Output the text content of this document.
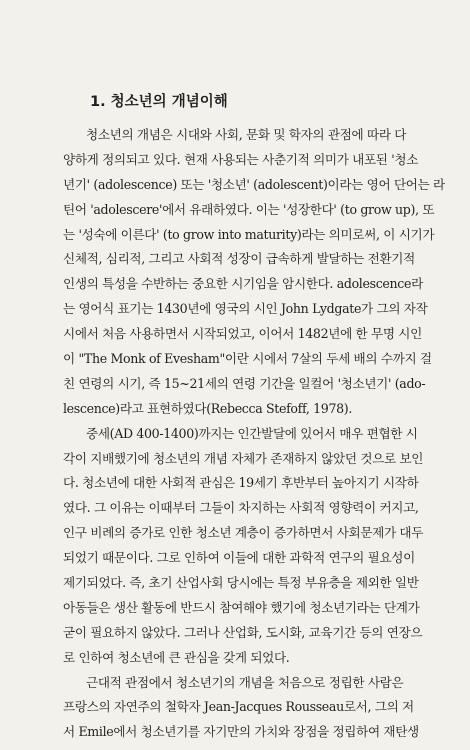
1. 청소년의 개념이해
청소년의 개념은 시대와 사회, 문화 및 학자의 관점에 따라 다
양하게 정의되고 있다. 현재 사용되는 사춘기적 의미가 내포된 '청소
년기' (adolescence) 또는 '청소년' (adolescent)이라는 영어 단어는 라
틴어 'adolescere'에서 유래하였다. 이는 '성장한다' (to grow up), 또
는 '성숙에 이른다' (to grow into maturity)라는 의미로써, 이 시기가
신체적, 심리적, 그리고 사회적 성장이 급속하게 발달하는 전환기적
인생의 특성을 수반하는 중요한 시기임을 암시한다. adolescence라
는 영어식 표기는 1430년에 영국의 시인 John Lydgate가 그의 자작
시에서 처음 사용하면서 시작되었고, 이어서 1482년에 한 무명 시인
이 "The Monk of Evesham"이란 시에서 7살의 두세 배의 수까지 걸
친 연령의 시기, 즉 15~21세의 연령 기간을 일컬어 '청소년기' (ado-
lescence)라고 표현하였다(Rebecca Stefoff, 1978).
중세(AD 400-1400)까지는 인간발달에 있어서 매우 편협한 시
각이 지배했기에 청소년의 개념 자체가 존재하지 않았던 것으로 보인
다. 청소년에 대한 사회적 관심은 19세기 후반부터 높아지기 시작하
였다. 그 이유는 이때부터 그들이 차지하는 사회적 영향력이 커지고,
인구 비례의 증가로 인한 청소년 계층이 증가하면서 사회문제가 대두
되었기 때문이다. 그로 인하여 이들에 대한 과학적 연구의 필요성이
제기되었다. 즉, 초기 산업사회 당시에는 특정 부유층을 제외한 일반
아동들은 생산 활동에 반드시 참여해야 했기에 청소년기라는 단계가
굳이 필요하지 않았다. 그러나 산업화, 도시화, 교육기간 등의 연장으
로 인하여 청소년에 큰 관심을 갖게 되었다.
근대적 관점에서 청소년기의 개념을 처음으로 정립한 사람은
프랑스의 자연주의 철학자 Jean-Jacques Rousseau로서, 그의 저
서 Emile에서 청소년기를 자기만의 가치와 장점을 정립하여 재탄생
